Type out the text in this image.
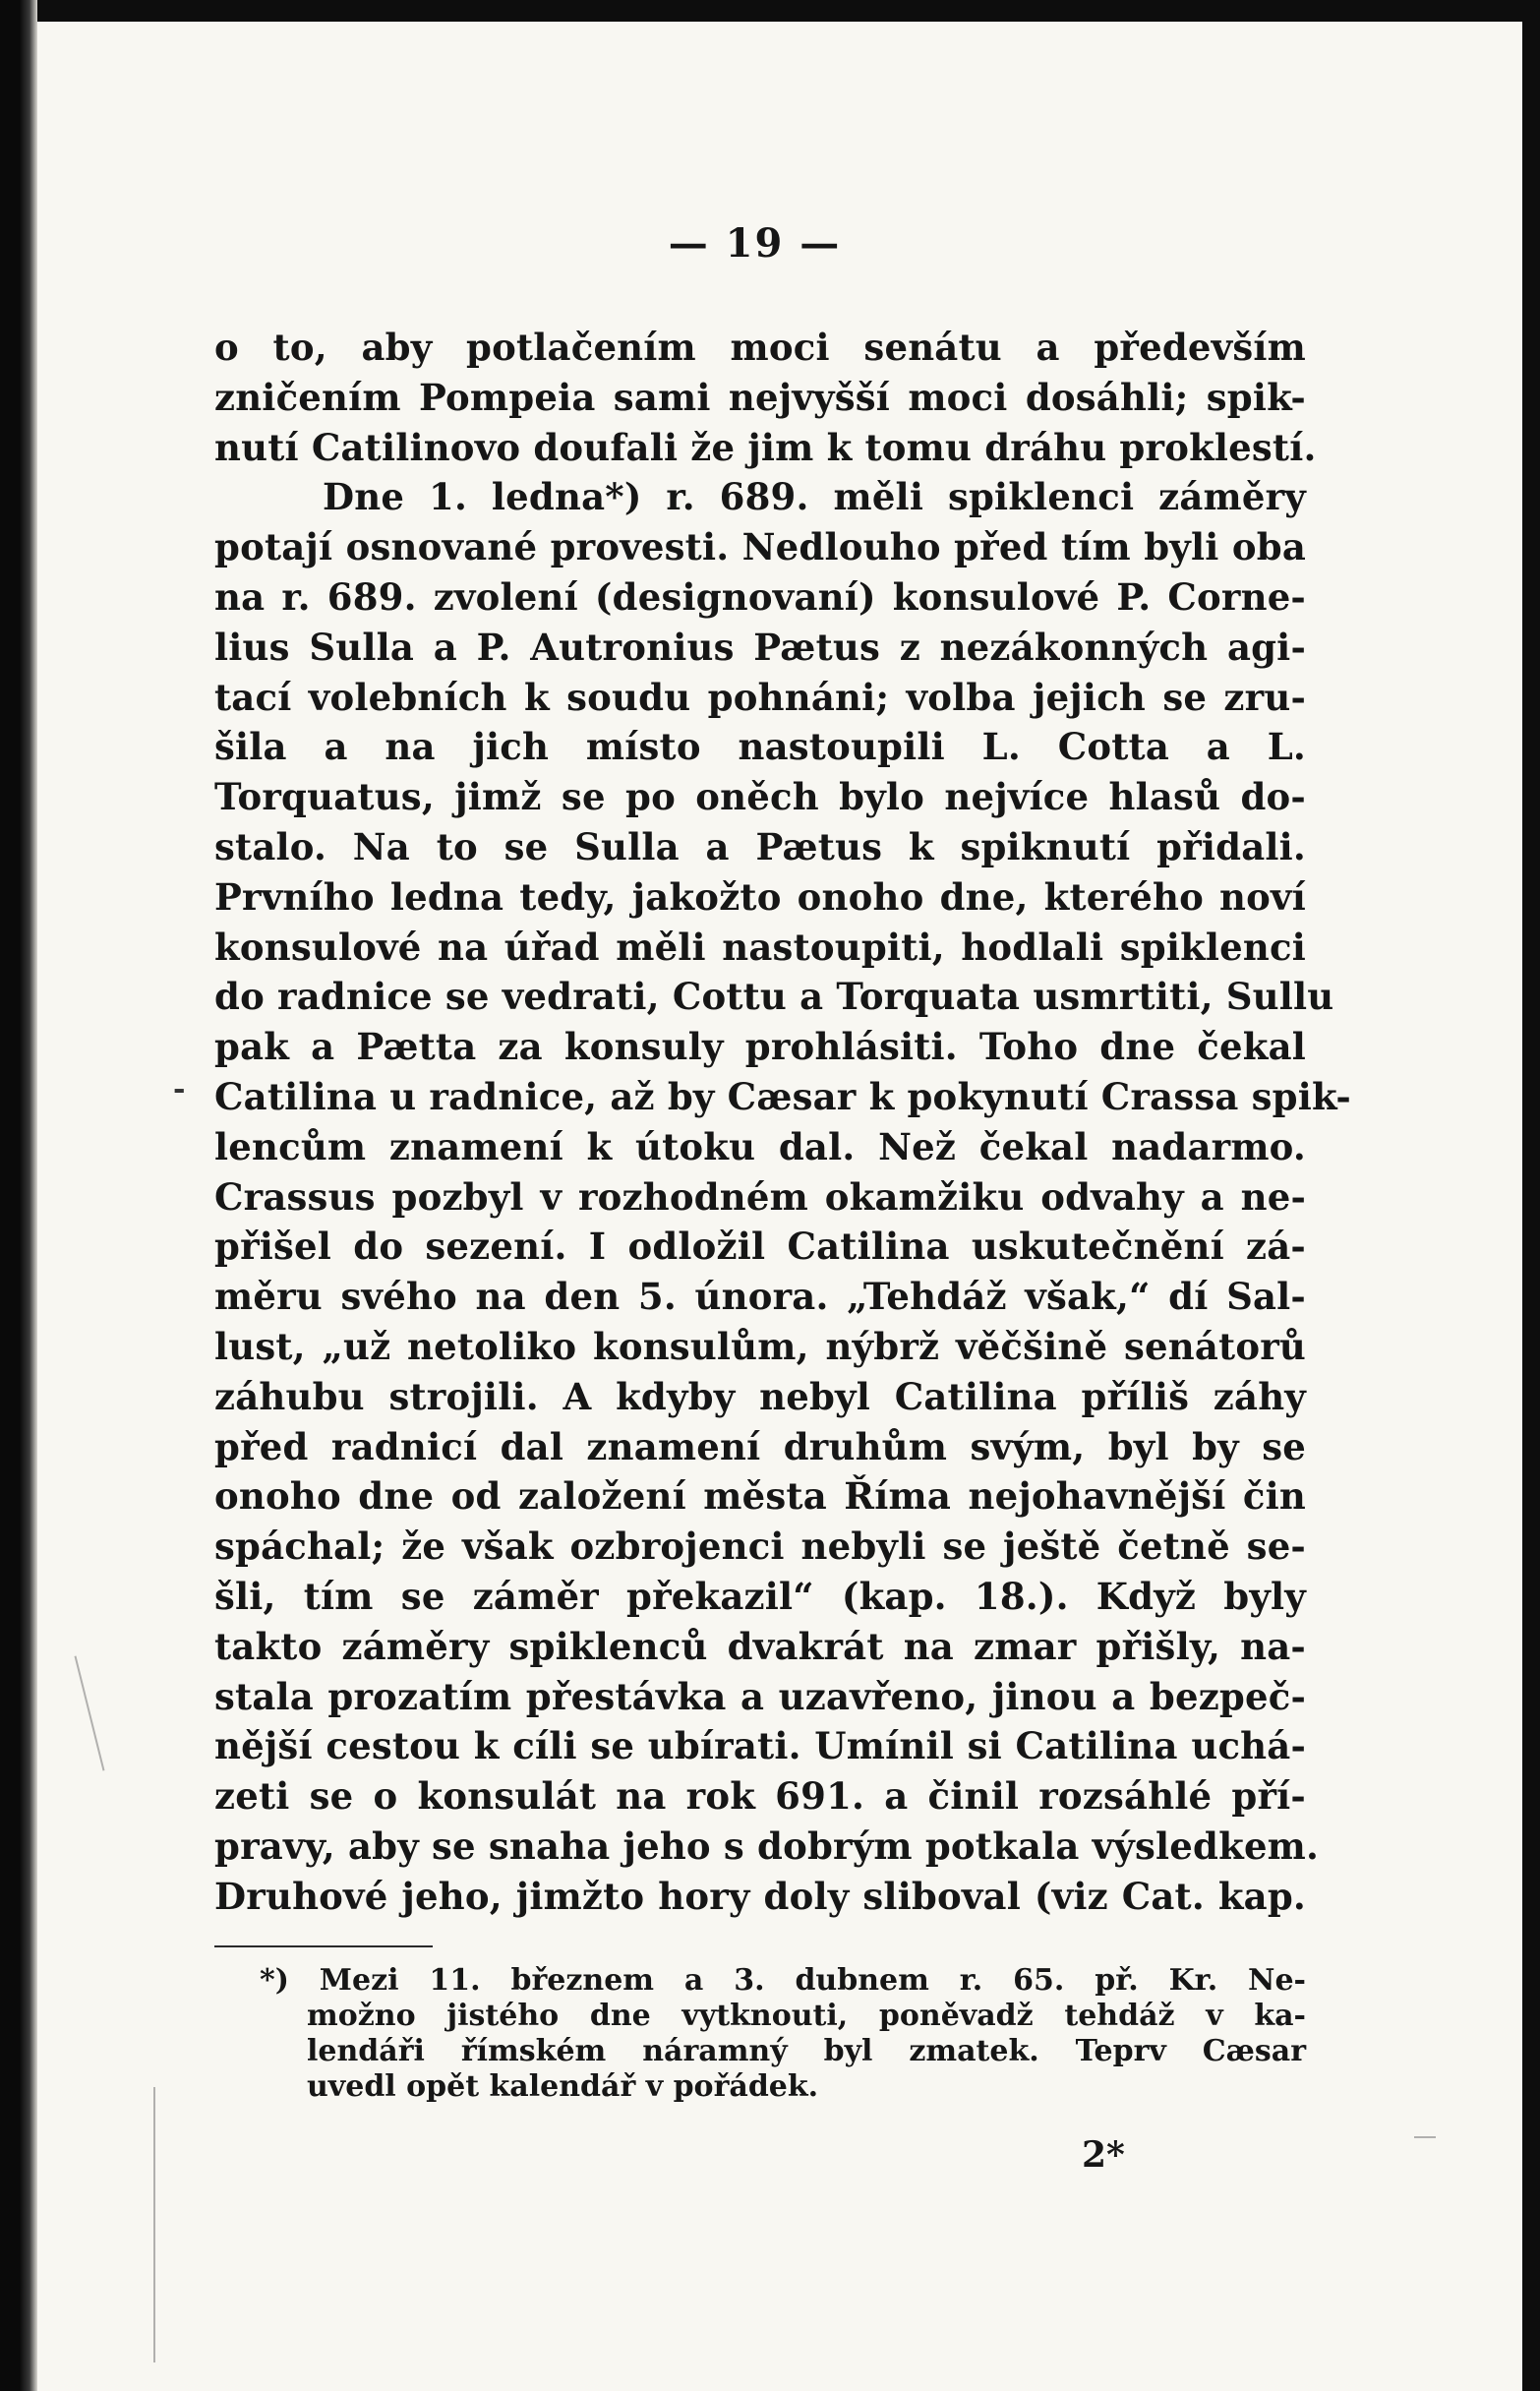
— 19 —
-
o to, aby potlačením moci senátu a především
zničením Pompeia sami nejvyšší moci dosáhli; spik-
nutí Catilinovo doufali že jim k tomu dráhu proklestí.
Dne 1. ledna*) r. 689. měli spiklenci záměry
potají osnované provesti. Nedlouho před tím byli oba
na r. 689. zvolení (designovaní) konsulové P. Corne-
lius Sulla a P. Autronius Pætus z nezákonných agi-
tací volebních k soudu pohnáni; volba jejich se zru-
šila a na jich místo nastoupili L. Cotta a L.
Torquatus, jimž se po oněch bylo nejvíce hlasů do-
stalo. Na to se Sulla a Pætus k spiknutí přidali.
Prvního ledna tedy, jakožto onoho dne, kterého noví
konsulové na úřad měli nastoupiti, hodlali spiklenci
do radnice se vedrati, Cottu a Torquata usmrtiti, Sullu
pak a Pætta za konsuly prohlásiti. Toho dne čekal
Catilina u radnice, až by Cæsar k pokynutí Crassa spik-
lencům znamení k útoku dal. Než čekal nadarmo.
Crassus pozbyl v rozhodném okamžiku odvahy a ne-
přišel do sezení. I odložil Catilina uskutečnění zá-
měru svého na den 5. února. „Tehdáž však,“ dí Sal-
lust, „už netoliko konsulům, nýbrž věčšině senátorů
záhubu strojili. A kdyby nebyl Catilina příliš záhy
před radnicí dal znamení druhům svým, byl by se
onoho dne od založení města Říma nejohavnější čin
spáchal; že však ozbrojenci nebyli se ještě četně se-
šli, tím se záměr překazil“ (kap. 18.). Když byly
takto záměry spiklenců dvakrát na zmar přišly, na-
stala prozatím přestávka a uzavřeno, jinou a bezpeč-
nější cestou k cíli se ubírati. Umínil si Catilina uchá-
zeti se o konsulát na rok 691. a činil rozsáhlé pří-
pravy, aby se snaha jeho s dobrým potkala výsledkem.
Druhové jeho, jimžto hory doly sliboval (viz Cat. kap.
*) Mezi 11. březnem a 3. dubnem r. 65. př. Kr. Ne-
možno jistého dne vytknouti, poněvadž tehdáž v ka-
lendáři římském náramný byl zmatek. Teprv Cæsar
uvedl opět kalendář v pořádek.
2*
